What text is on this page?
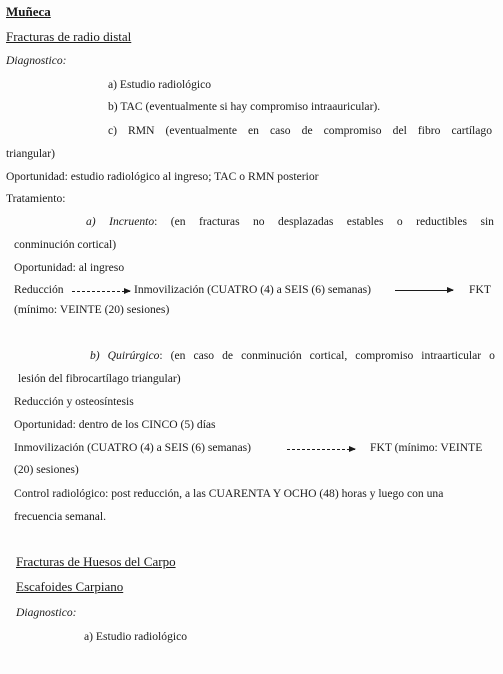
Muñeca
Fracturas de radio distal
Diagnostico:
a) Estudio radiológico
b) TAC (eventualmente si hay compromiso intraauricular).
c) RMN (eventualmente en caso de compromiso del fibro cartílago
triangular)
Oportunidad: estudio radiológico al ingreso; TAC o RMN posterior
Tratamiento:
a) Incruento: (en fracturas no desplazadas estables o reductibles sin
conminución cortical)
Oportunidad: al ingreso
Reducción	Inmovilización (CUATRO (4) a SEIS (6) semanas)	FKT
(mínimo: VEINTE (20) sesiones)
b) Quirúrgico: (en caso de conminución cortical, compromiso intraarticular o
lesión del fibrocartílago triangular)
Reducción y osteosíntesis
Oportunidad: dentro de los CINCO (5) días
Inmovilización (CUATRO (4) a SEIS (6) semanas)	FKT (mínimo: VEINTE
(20) sesiones)
Control radiológico: post reducción, a las CUARENTA Y OCHO (48) horas y luego con una
frecuencia semanal.
Fracturas de Huesos del Carpo
Escafoides Carpiano
Diagnostico:
a) Estudio radiológico
